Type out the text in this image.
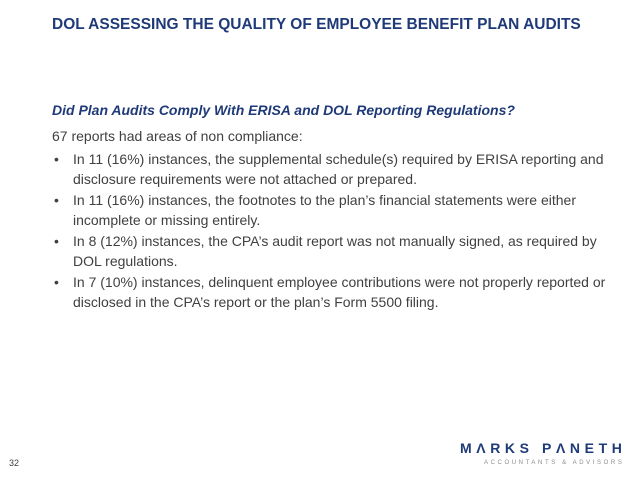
DOL ASSESSING THE QUALITY OF EMPLOYEE BENEFIT PLAN AUDITS
Did Plan Audits Comply With ERISA and DOL Reporting Regulations?
67 reports had areas of non compliance:
• In 11 (16%) instances, the supplemental schedule(s) required by ERISA reporting and disclosure requirements were not attached or prepared.
• In 11 (16%) instances, the footnotes to the plan’s financial statements were either incomplete or missing entirely.
• In 8 (12%) instances, the CPA’s audit report was not manually signed, as required by DOL regulations.
• In 7 (10%) instances, delinquent employee contributions were not properly reported or disclosed in the CPA’s report or the plan’s Form 5500 filing.
32
MΛRKS PΛNETH
ACCOUNTANTS & ADVISORS
